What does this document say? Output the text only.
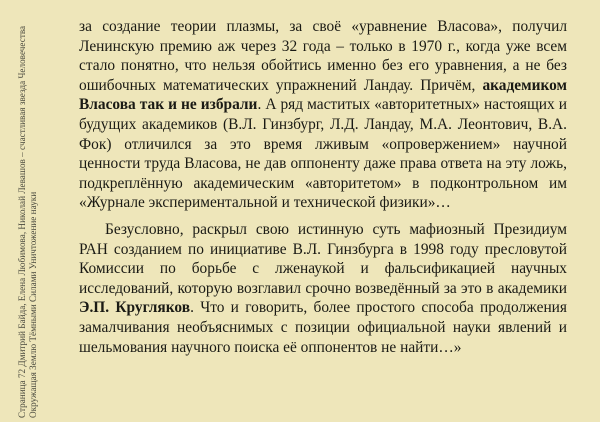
Страница 72 Дмитрий Байда, Елена Любимова, Николай Левашов – счастливая звезда Человечества Окружащая Землю Тёмными Силами Уничтожение науки

за создание теории плазмы, за своё «уравнение Власова», получил Ленинскую премию аж через 32 года – только в 1970 г., когда уже всем стало понятно, что нельзя обойтись именно без его уравнения, а не без ошибочных математических упражнений Ландау. Причём, академиком Власова так и не избрали. А ряд маститых «авторитетных» настоящих и будущих академиков (В.Л. Гинзбург, Л.Д. Ландау, М.А. Леонтович, В.А. Фок) отличился за это время лживым «опровержением» научной ценности труда Власова, не дав оппоненту даже права ответа на эту ложь, подкреплённую академическим «авторитетом» в подконтрольном им «Журнале экспериментальной и технической физики»…

Безусловно, раскрыл свою истинную суть мафиозный Президиум РАН созданием по инициативе В.Л. Гинзбурга в 1998 году пресловутой Комиссии по борьбе с лженаукой и фальсификацией научных исследований, которую возглавил срочно возведённый за это в академики Э.П. Кругляков. Что и говорить, более простого способа продолжения замалчивания необъяснимых с позиции официальной науки явлений и шельмования научного поиска её оппонентов не найти…»
